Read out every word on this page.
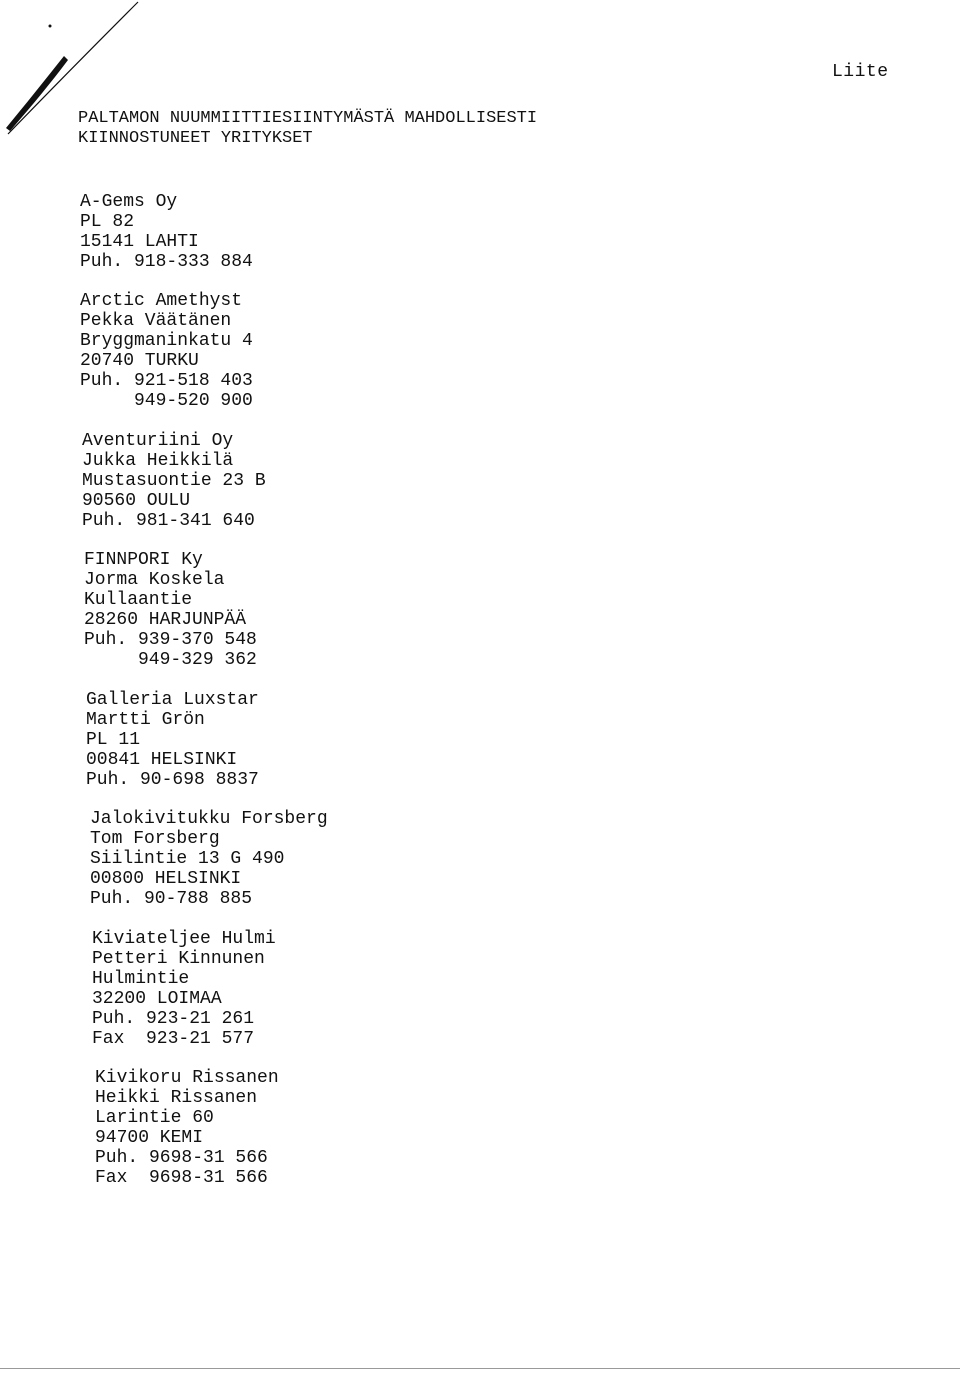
Liite
PALTAMON NUUMMIITTIESIINTYMÄSTÄ MAHDOLLISESTI
KIINNOSTUNEET YRITYKSET
A-Gems Oy
PL 82
15141 LAHTI
Puh. 918-333 884
Arctic Amethyst
Pekka Väätänen
Bryggmaninkatu 4
20740 TURKU
Puh. 921-518 403
949-520 900
Aventuriini Oy
Jukka Heikkilä
Mustasuontie 23 B
90560 OULU
Puh. 981-341 640
FINNPORI Ky
Jorma Koskela
Kullaantie
28260 HARJUNPÄÄ
Puh. 939-370 548
949-329 362
Galleria Luxstar
Martti Grön
PL 11
00841 HELSINKI
Puh. 90-698 8837
Jalokivitukku Forsberg
Tom Forsberg
Siilintie 13 G 490
00800 HELSINKI
Puh. 90-788 885
Kiviateljee Hulmi
Petteri Kinnunen
Hulmintie
32200 LOIMAA
Puh. 923-21 261
Fax  923-21 577
Kivikoru Rissanen
Heikki Rissanen
Larintie 60
94700 KEMI
Puh. 9698-31 566
Fax  9698-31 566
